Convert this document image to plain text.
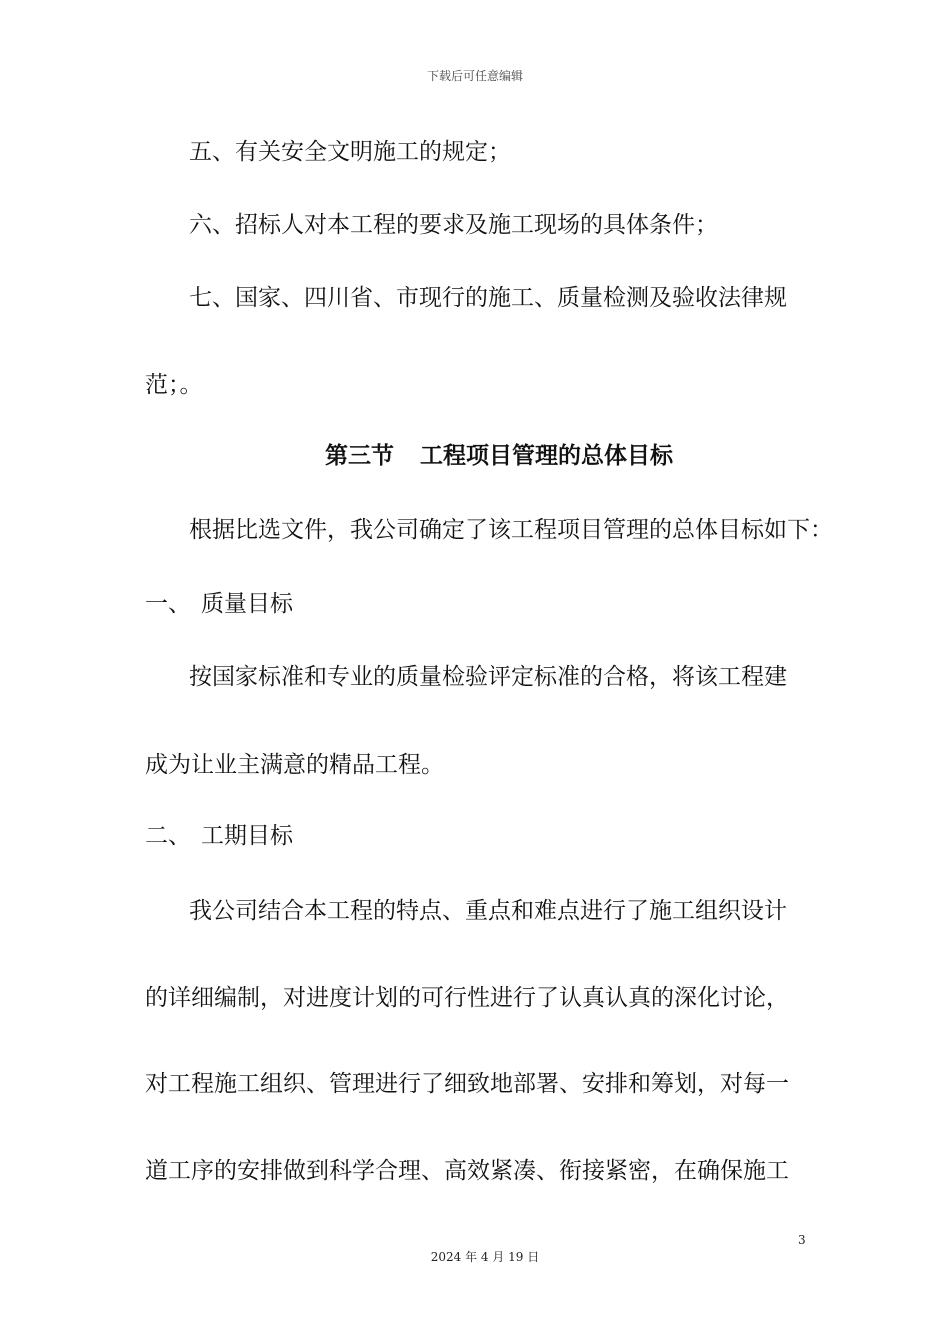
下载后可任意编辑
五、有关安全文明施工的规定；
六、招标人对本工程的要求及施工现场的具体条件；
七、国家、四川省、市现行的施工、质量检测及验收法律规
范；。
第三节 工程项目管理的总体目标
根据比选文件，我公司确定了该工程项目管理的总体目标如下：
一、 质量目标
按国家标准和专业的质量检验评定标准的合格，将该工程建
成为让业主满意的精品工程。
二、 工期目标
我公司结合本工程的特点、重点和难点进行了施工组织设计
的详细编制，对进度计划的可行性进行了认真认真的深化讨论，
对工程施工组织、管理进行了细致地部署、安排和筹划，对每一
道工序的安排做到科学合理、高效紧凑、衔接紧密，在确保施工
3
2024 年 4 月 19 日
